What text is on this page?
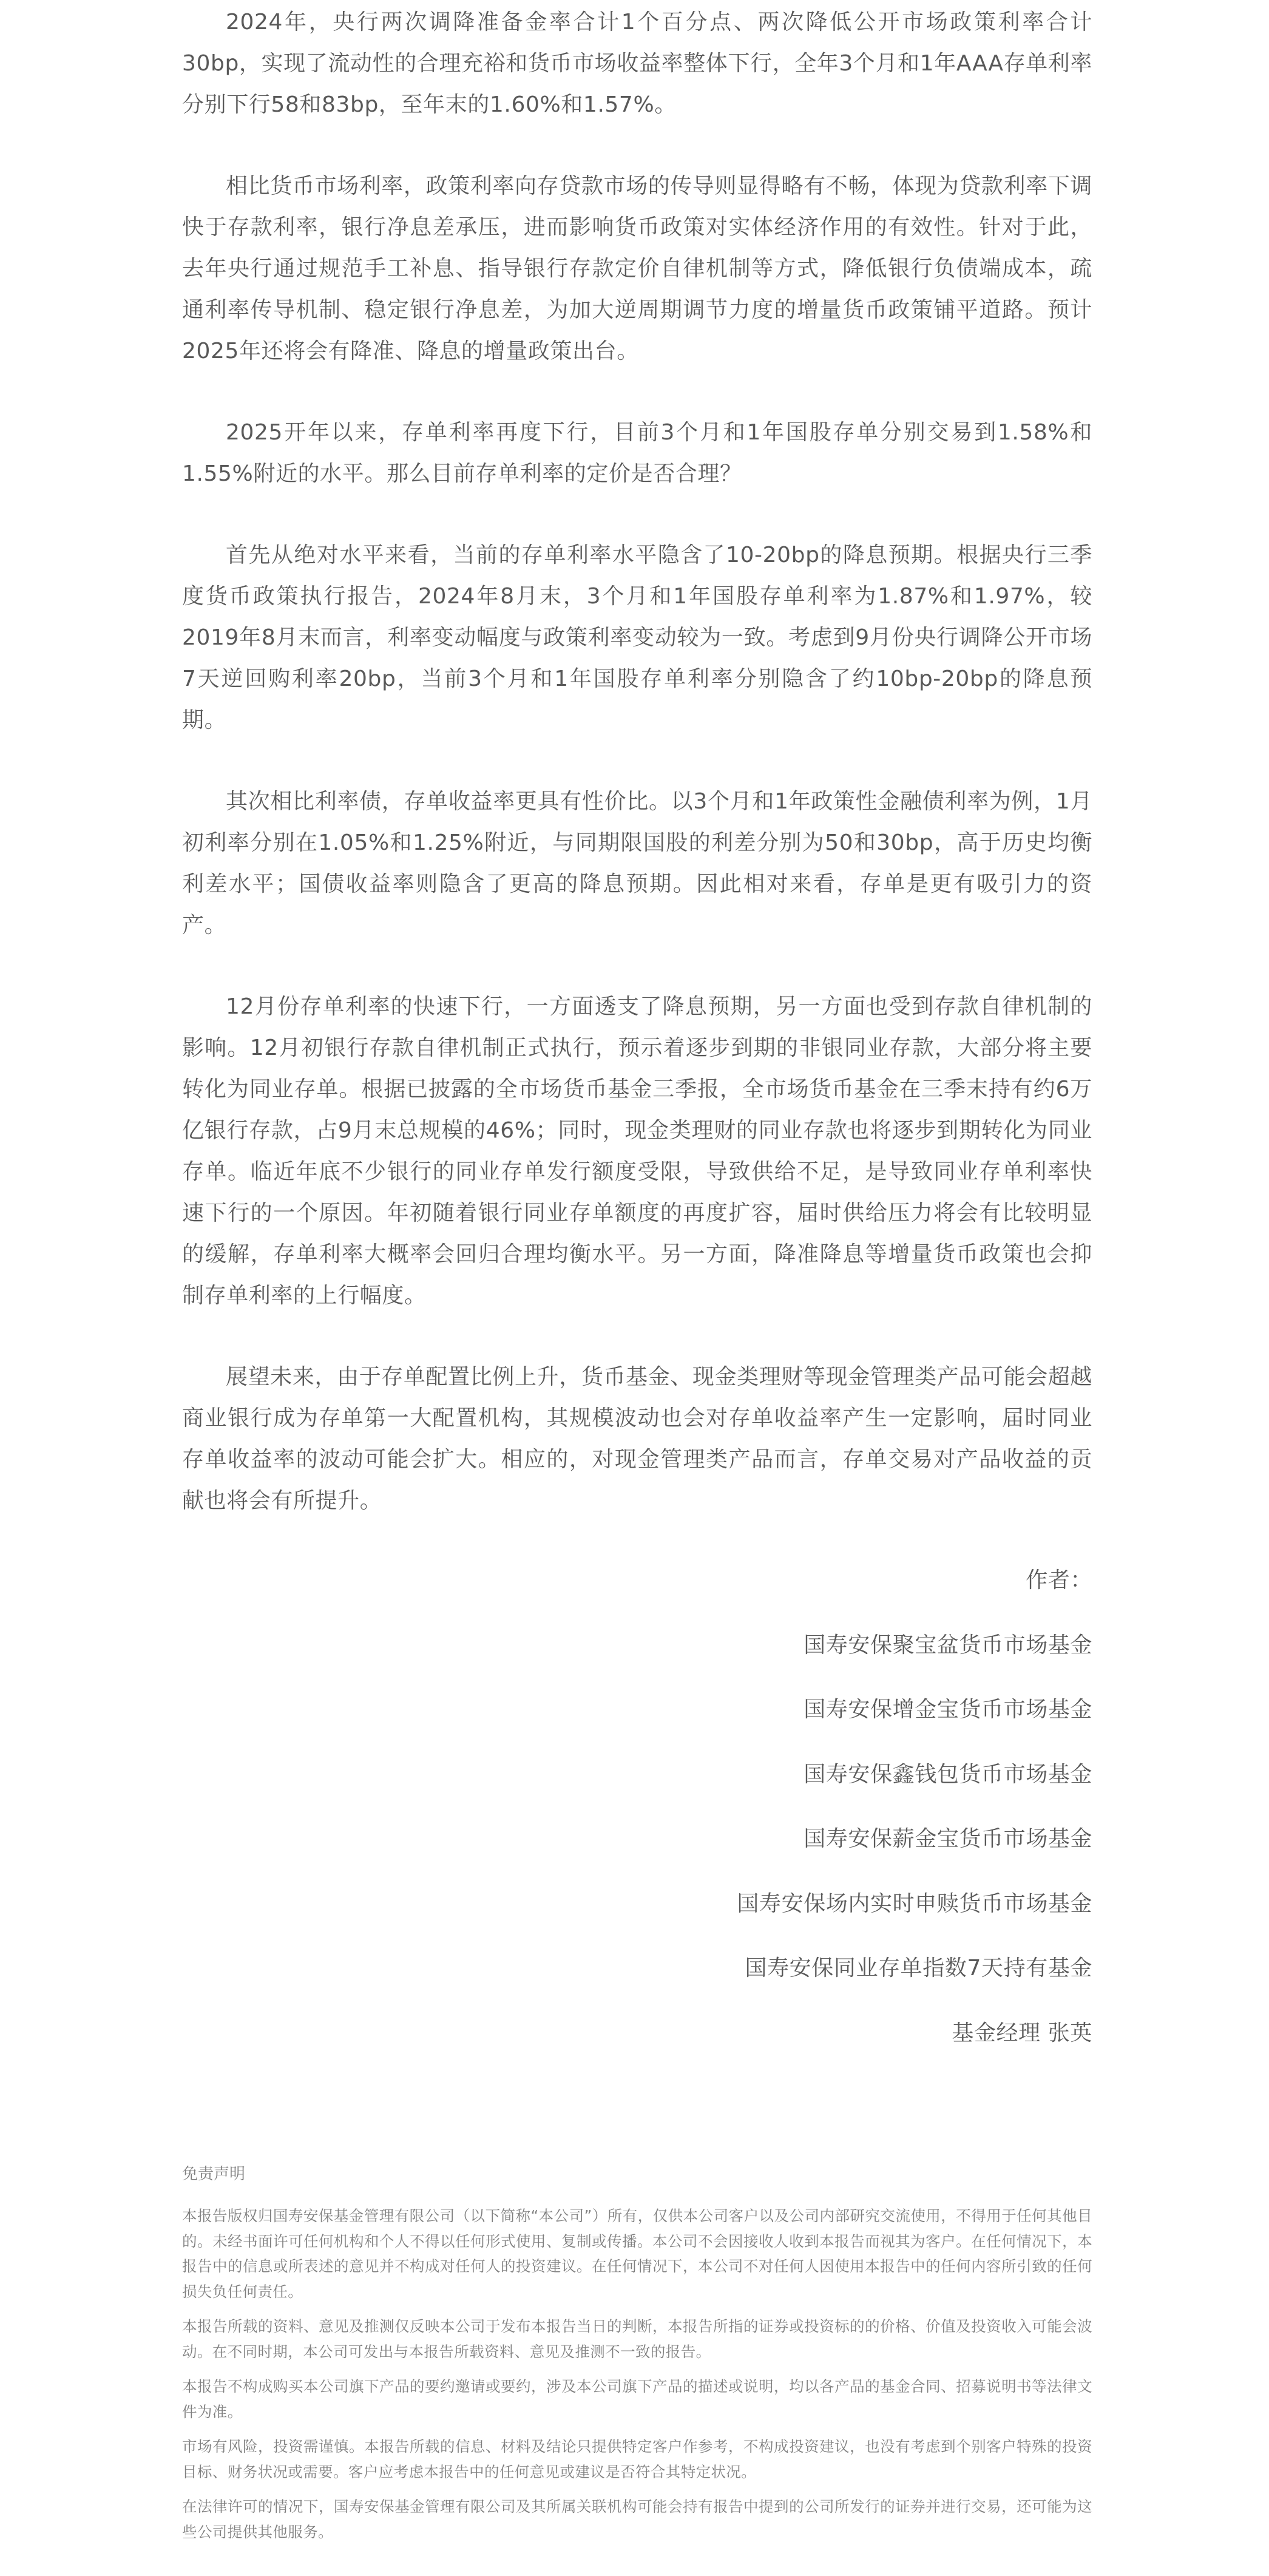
2024年，央行两次调降准备金率合计1个百分点、两次降低公开市场政策利率合计30bp，实现了流动性的合理充裕和货币市场收益率整体下行，全年3个月和1年AAA存单利率分别下行58和83bp，至年末的1.60%和1.57%。

相比货币市场利率，政策利率向存贷款市场的传导则显得略有不畅，体现为贷款利率下调快于存款利率，银行净息差承压，进而影响货币政策对实体经济作用的有效性。针对于此，去年央行通过规范手工补息、指导银行存款定价自律机制等方式，降低银行负债端成本，疏通利率传导机制、稳定银行净息差，为加大逆周期调节力度的增量货币政策铺平道路。预计2025年还将会有降准、降息的增量政策出台。

2025开年以来，存单利率再度下行，目前3个月和1年国股存单分别交易到1.58%和1.55%附近的水平。那么目前存单利率的定价是否合理？

首先从绝对水平来看，当前的存单利率水平隐含了10-20bp的降息预期。根据央行三季度货币政策执行报告，2024年8月末，3个月和1年国股存单利率为1.87%和1.97%，较2019年8月末而言，利率变动幅度与政策利率变动较为一致。考虑到9月份央行调降公开市场7天逆回购利率20bp，当前3个月和1年国股存单利率分别隐含了约10bp-20bp的降息预期。

其次相比利率债，存单收益率更具有性价比。以3个月和1年政策性金融债利率为例，1月初利率分别在1.05%和1.25%附近，与同期限国股的利差分别为50和30bp，高于历史均衡利差水平；国债收益率则隐含了更高的降息预期。因此相对来看，存单是更有吸引力的资产。

12月份存单利率的快速下行，一方面透支了降息预期，另一方面也受到存款自律机制的影响。12月初银行存款自律机制正式执行，预示着逐步到期的非银同业存款，大部分将主要转化为同业存单。根据已披露的全市场货币基金三季报，全市场货币基金在三季末持有约6万亿银行存款，占9月末总规模的46%；同时，现金类理财的同业存款也将逐步到期转化为同业存单。临近年底不少银行的同业存单发行额度受限，导致供给不足，是导致同业存单利率快速下行的一个原因。年初随着银行同业存单额度的再度扩容，届时供给压力将会有比较明显的缓解，存单利率大概率会回归合理均衡水平。另一方面，降准降息等增量货币政策也会抑制存单利率的上行幅度。

展望未来，由于存单配置比例上升，货币基金、现金类理财等现金管理类产品可能会超越商业银行成为存单第一大配置机构，其规模波动也会对存单收益率产生一定影响，届时同业存单收益率的波动可能会扩大。相应的，对现金管理类产品而言，存单交易对产品收益的贡献也将会有所提升。

作者：
国寿安保聚宝盆货币市场基金
国寿安保增金宝货币市场基金
国寿安保鑫钱包货币市场基金
国寿安保薪金宝货币市场基金
国寿安保场内实时申赎货币市场基金
国寿安保同业存单指数7天持有基金
基金经理 张英

免责声明

本报告版权归国寿安保基金管理有限公司（以下简称“本公司”）所有，仅供本公司客户以及公司内部研究交流使用，不得用于任何其他目的。未经书面许可任何机构和个人不得以任何形式使用、复制或传播。本公司不会因接收人收到本报告而视其为客户。在任何情况下，本报告中的信息或所表述的意见并不构成对任何人的投资建议。在任何情况下，本公司不对任何人因使用本报告中的任何内容所引致的任何损失负任何责任。

本报告所载的资料、意见及推测仅反映本公司于发布本报告当日的判断，本报告所指的证券或投资标的的价格、价值及投资收入可能会波动。在不同时期，本公司可发出与本报告所载资料、意见及推测不一致的报告。

本报告不构成购买本公司旗下产品的要约邀请或要约，涉及本公司旗下产品的描述或说明，均以各产品的基金合同、招募说明书等法律文件为准。

市场有风险，投资需谨慎。本报告所载的信息、材料及结论只提供特定客户作参考，不构成投资建议，也没有考虑到个别客户特殊的投资目标、财务状况或需要。客户应考虑本报告中的任何意见或建议是否符合其特定状况。

在法律许可的情况下，国寿安保基金管理有限公司及其所属关联机构可能会持有报告中提到的公司所发行的证券并进行交易，还可能为这些公司提供其他服务。
